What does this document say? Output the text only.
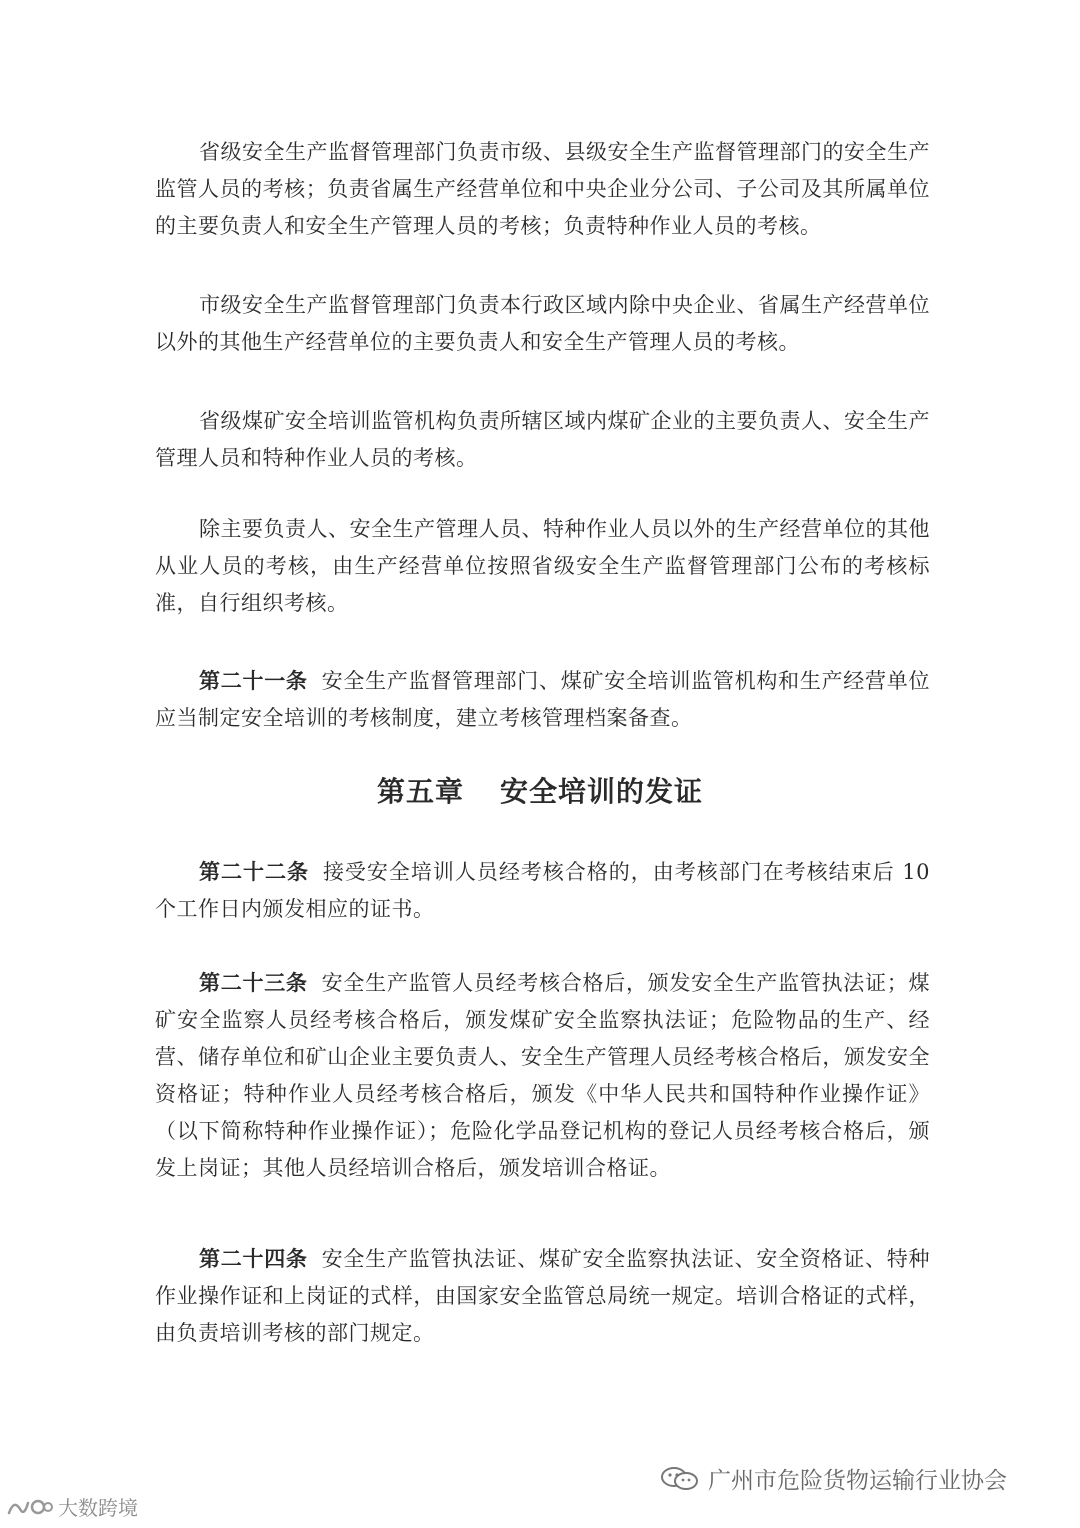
省级安全生产监督管理部门负责市级、县级安全生产监督管理部门的安全生产监管人员的考核；负责省属生产经营单位和中央企业分公司、子公司及其所属单位的主要负责人和安全生产管理人员的考核；负责特种作业人员的考核。

市级安全生产监督管理部门负责本行政区域内除中央企业、省属生产经营单位以外的其他生产经营单位的主要负责人和安全生产管理人员的考核。

省级煤矿安全培训监管机构负责所辖区域内煤矿企业的主要负责人、安全生产管理人员和特种作业人员的考核。

除主要负责人、安全生产管理人员、特种作业人员以外的生产经营单位的其他从业人员的考核，由生产经营单位按照省级安全生产监督管理部门公布的考核标准，自行组织考核。

第二十一条 安全生产监督管理部门、煤矿安全培训监管机构和生产经营单位应当制定安全培训的考核制度，建立考核管理档案备查。

第五章 安全培训的发证

第二十二条 接受安全培训人员经考核合格的，由考核部门在考核结束后 10 个工作日内颁发相应的证书。

第二十三条 安全生产监管人员经考核合格后，颁发安全生产监管执法证；煤矿安全监察人员经考核合格后，颁发煤矿安全监察执法证；危险物品的生产、经营、储存单位和矿山企业主要负责人、安全生产管理人员经考核合格后，颁发安全资格证；特种作业人员经考核合格后，颁发《中华人民共和国特种作业操作证》（以下简称特种作业操作证）；危险化学品登记机构的登记人员经考核合格后，颁发上岗证；其他人员经培训合格后，颁发培训合格证。

第二十四条 安全生产监管执法证、煤矿安全监察执法证、安全资格证、特种作业操作证和上岗证的式样，由国家安全监管总局统一规定。培训合格证的式样，由负责培训考核的部门规定。

广州市危险货物运输行业协会
大数跨境
